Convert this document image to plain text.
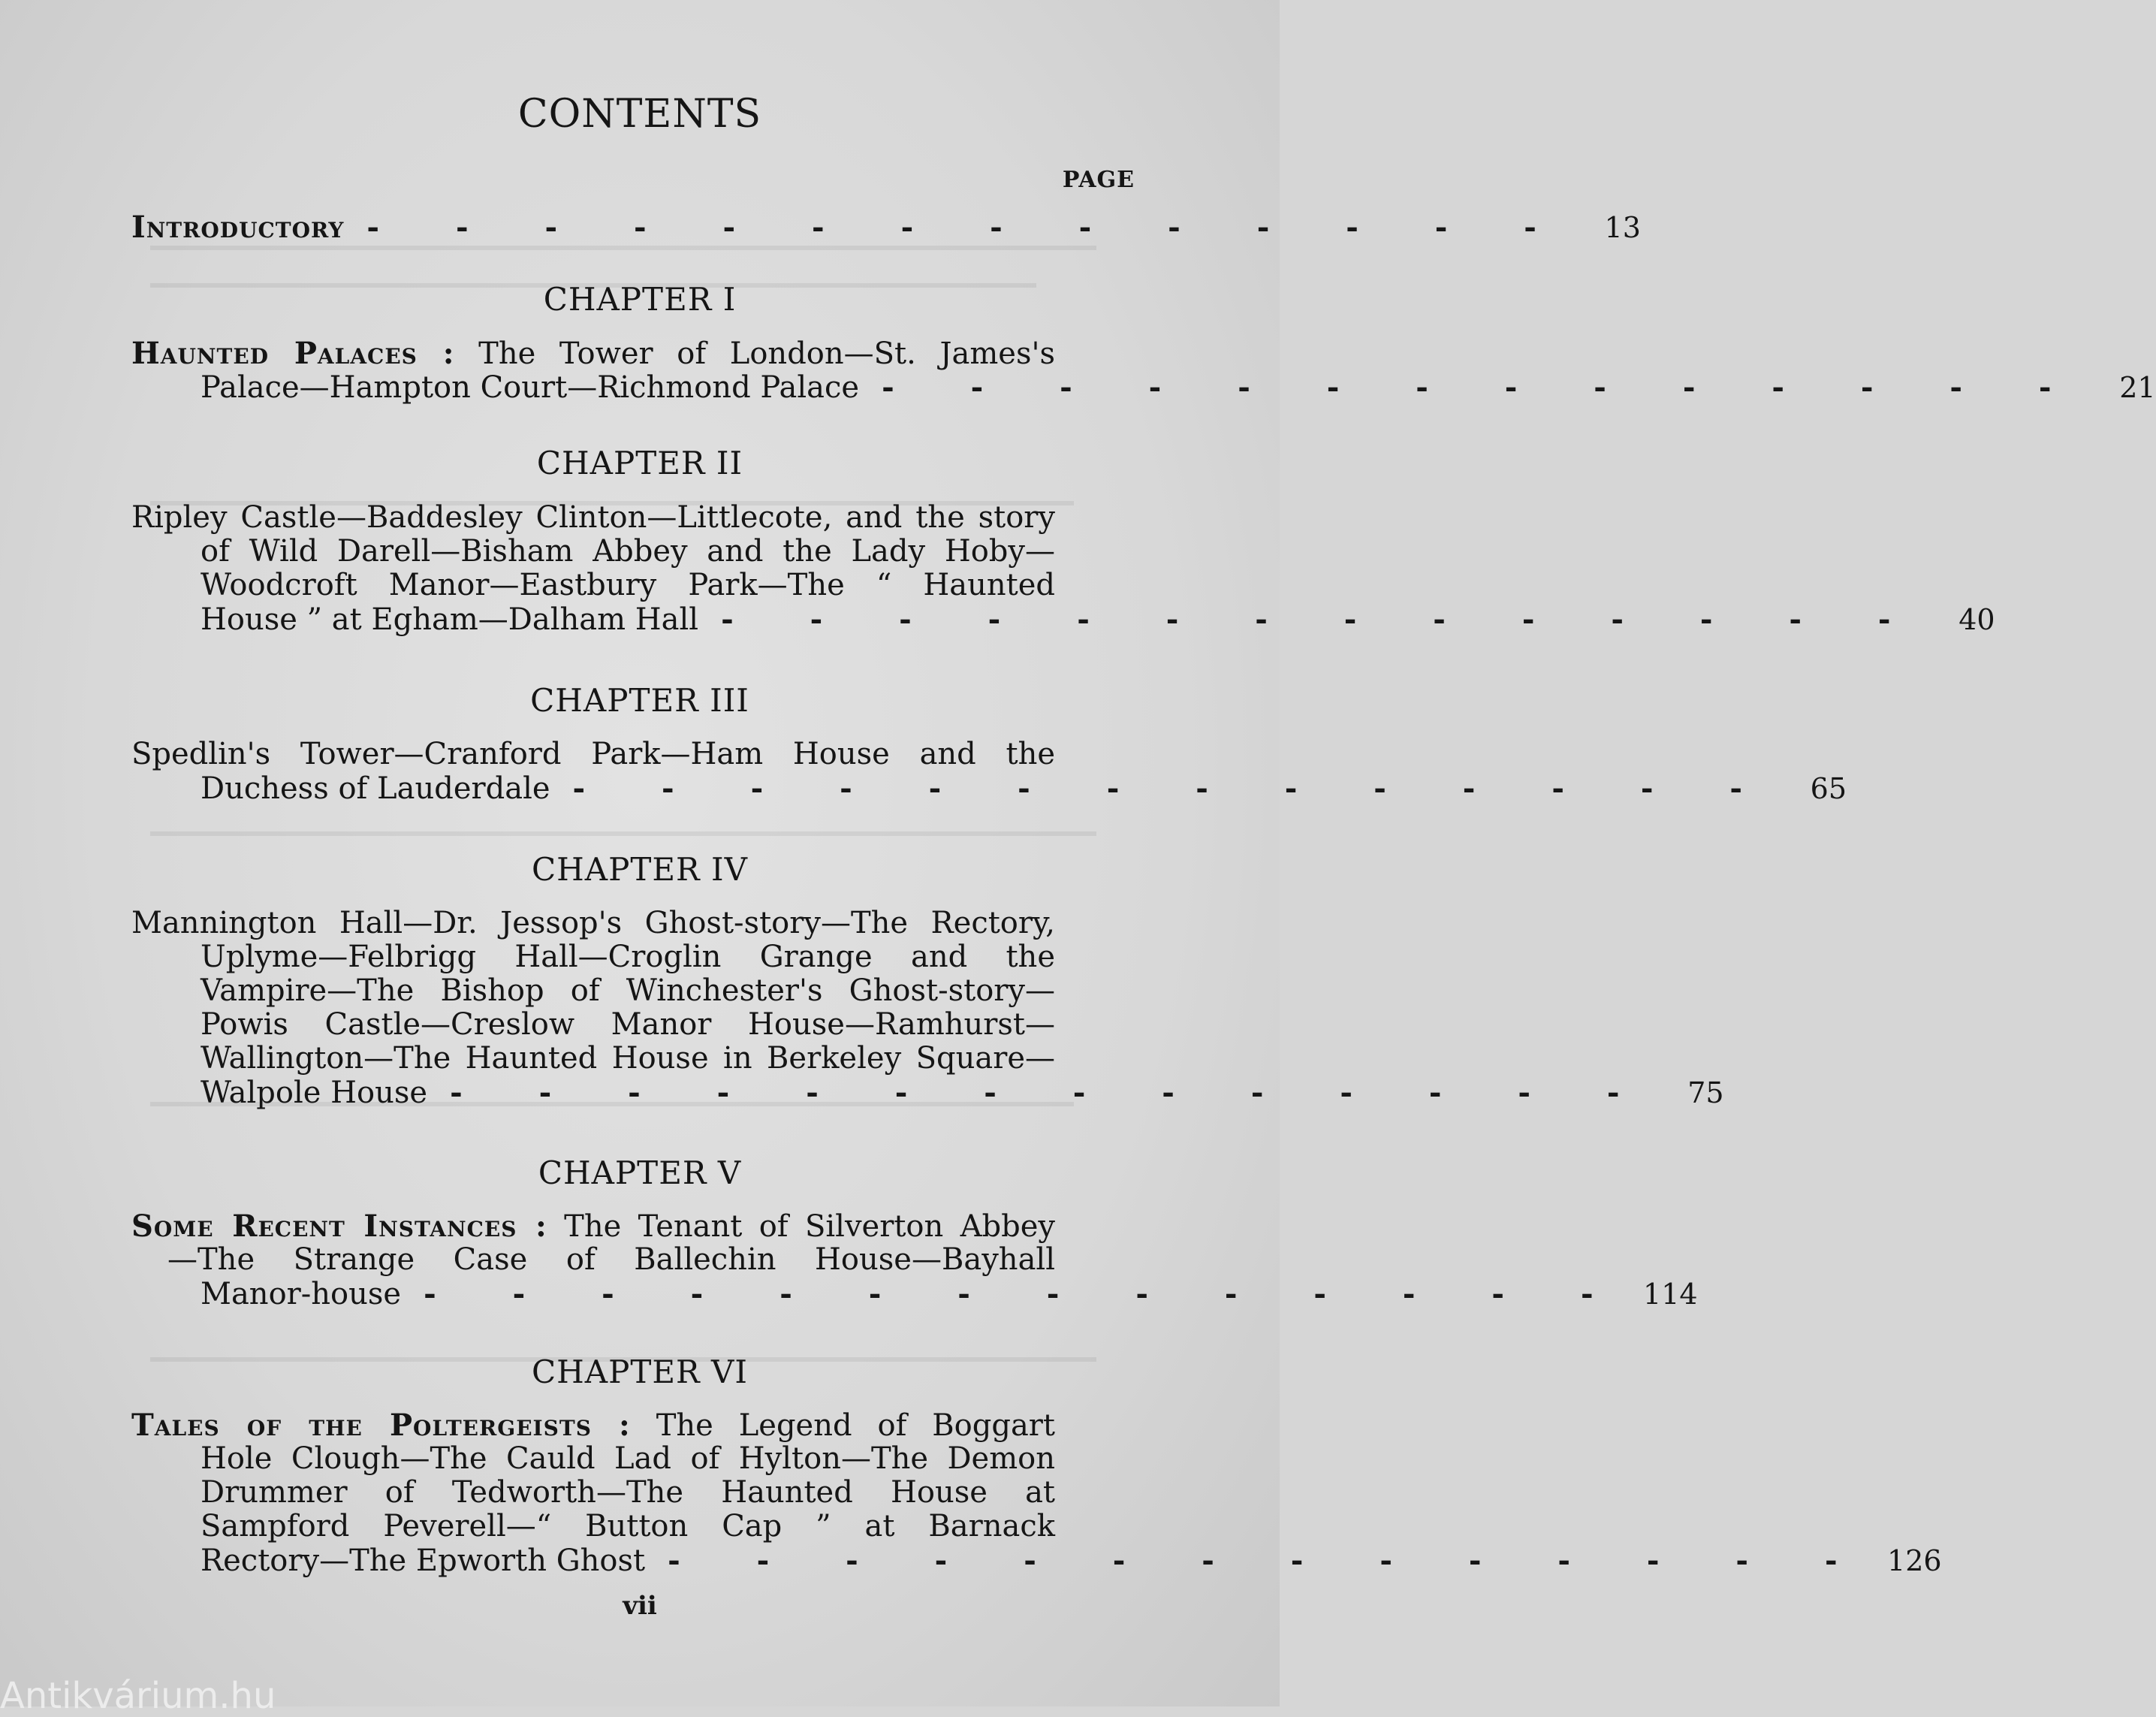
CONTENTS
PAGE
Introductory - - - - - - - - - - - - - -	13
CHAPTER I
Haunted Palaces : The Tower of London—St. James's
Palace—Hampton Court—Richmond Palace - - - - - - - - - - - - - -	21
CHAPTER II
Ripley Castle—Baddesley Clinton—Littlecote, and the story
of Wild Darell—Bisham Abbey and the Lady Hoby—
Woodcroft Manor—Eastbury Park—The “ Haunted
House ” at Egham—Dalham Hall - - - - - - - - - - - - - -	40
CHAPTER III
Spedlin's Tower—Cranford Park—Ham House and the
Duchess of Lauderdale - - - - - - - - - - - - - -	65
CHAPTER IV
Mannington Hall—Dr. Jessop's Ghost-story—The Rectory,
Uplyme—Felbrigg Hall—Croglin Grange and the
Vampire—The Bishop of Winchester's Ghost-story—
Powis Castle—Creslow Manor House—Ramhurst—
Wallington—The Haunted House in Berkeley Square—
Walpole House - - - - - - - - - - - - - -	75
CHAPTER V
Some Recent Instances : The Tenant of Silverton Abbey
—The Strange Case of Ballechin House—Bayhall
Manor-house - - - - - - - - - - - - - - 114
CHAPTER VI
Tales of the Poltergeists : The Legend of Boggart
Hole Clough—The Cauld Lad of Hylton—The Demon
Drummer of Tedworth—The Haunted House at
Sampford Peverell—“ Button Cap ” at Barnack
Rectory—The Epworth Ghost - - - - - - - - - - - - - - 126
vii
Antikvárium.hu
